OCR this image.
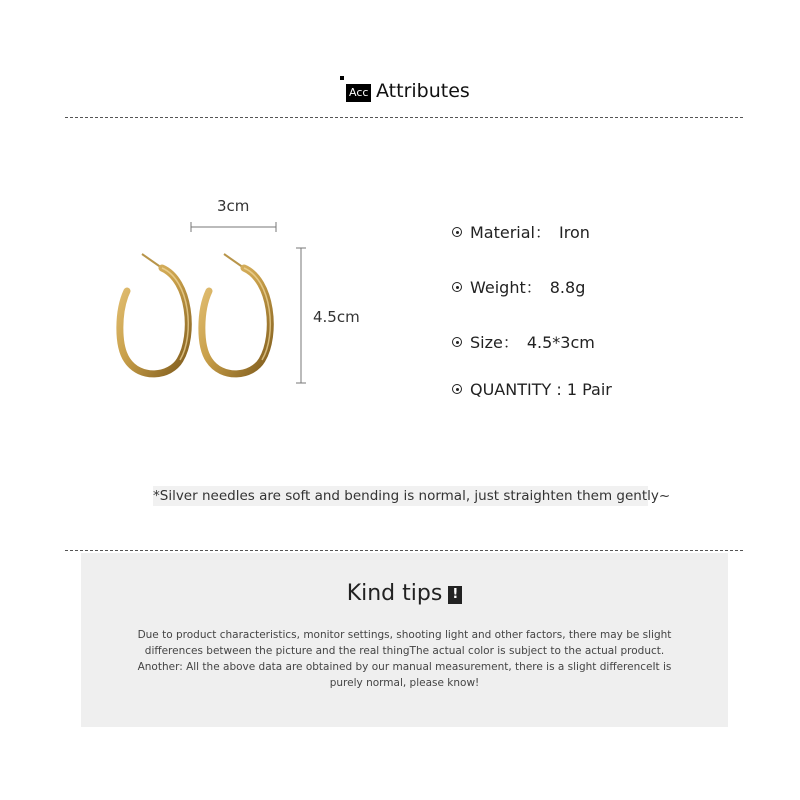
Acc Attributes
3cm
4.5cm
Material： Iron
Weight： 8.8g
Size： 4.5*3cm
QUANTITY : 1 Pair
*Silver needles are soft and bending is normal, just straighten them gently~
Kind tips !
Due to product characteristics, monitor settings, shooting light and other factors, there may be slight
differences between the picture and the real thingThe actual color is subject to the actual product.
Another: All the above data are obtained by our manual measurement, there is a slight differenceIt is
purely normal, please know!
